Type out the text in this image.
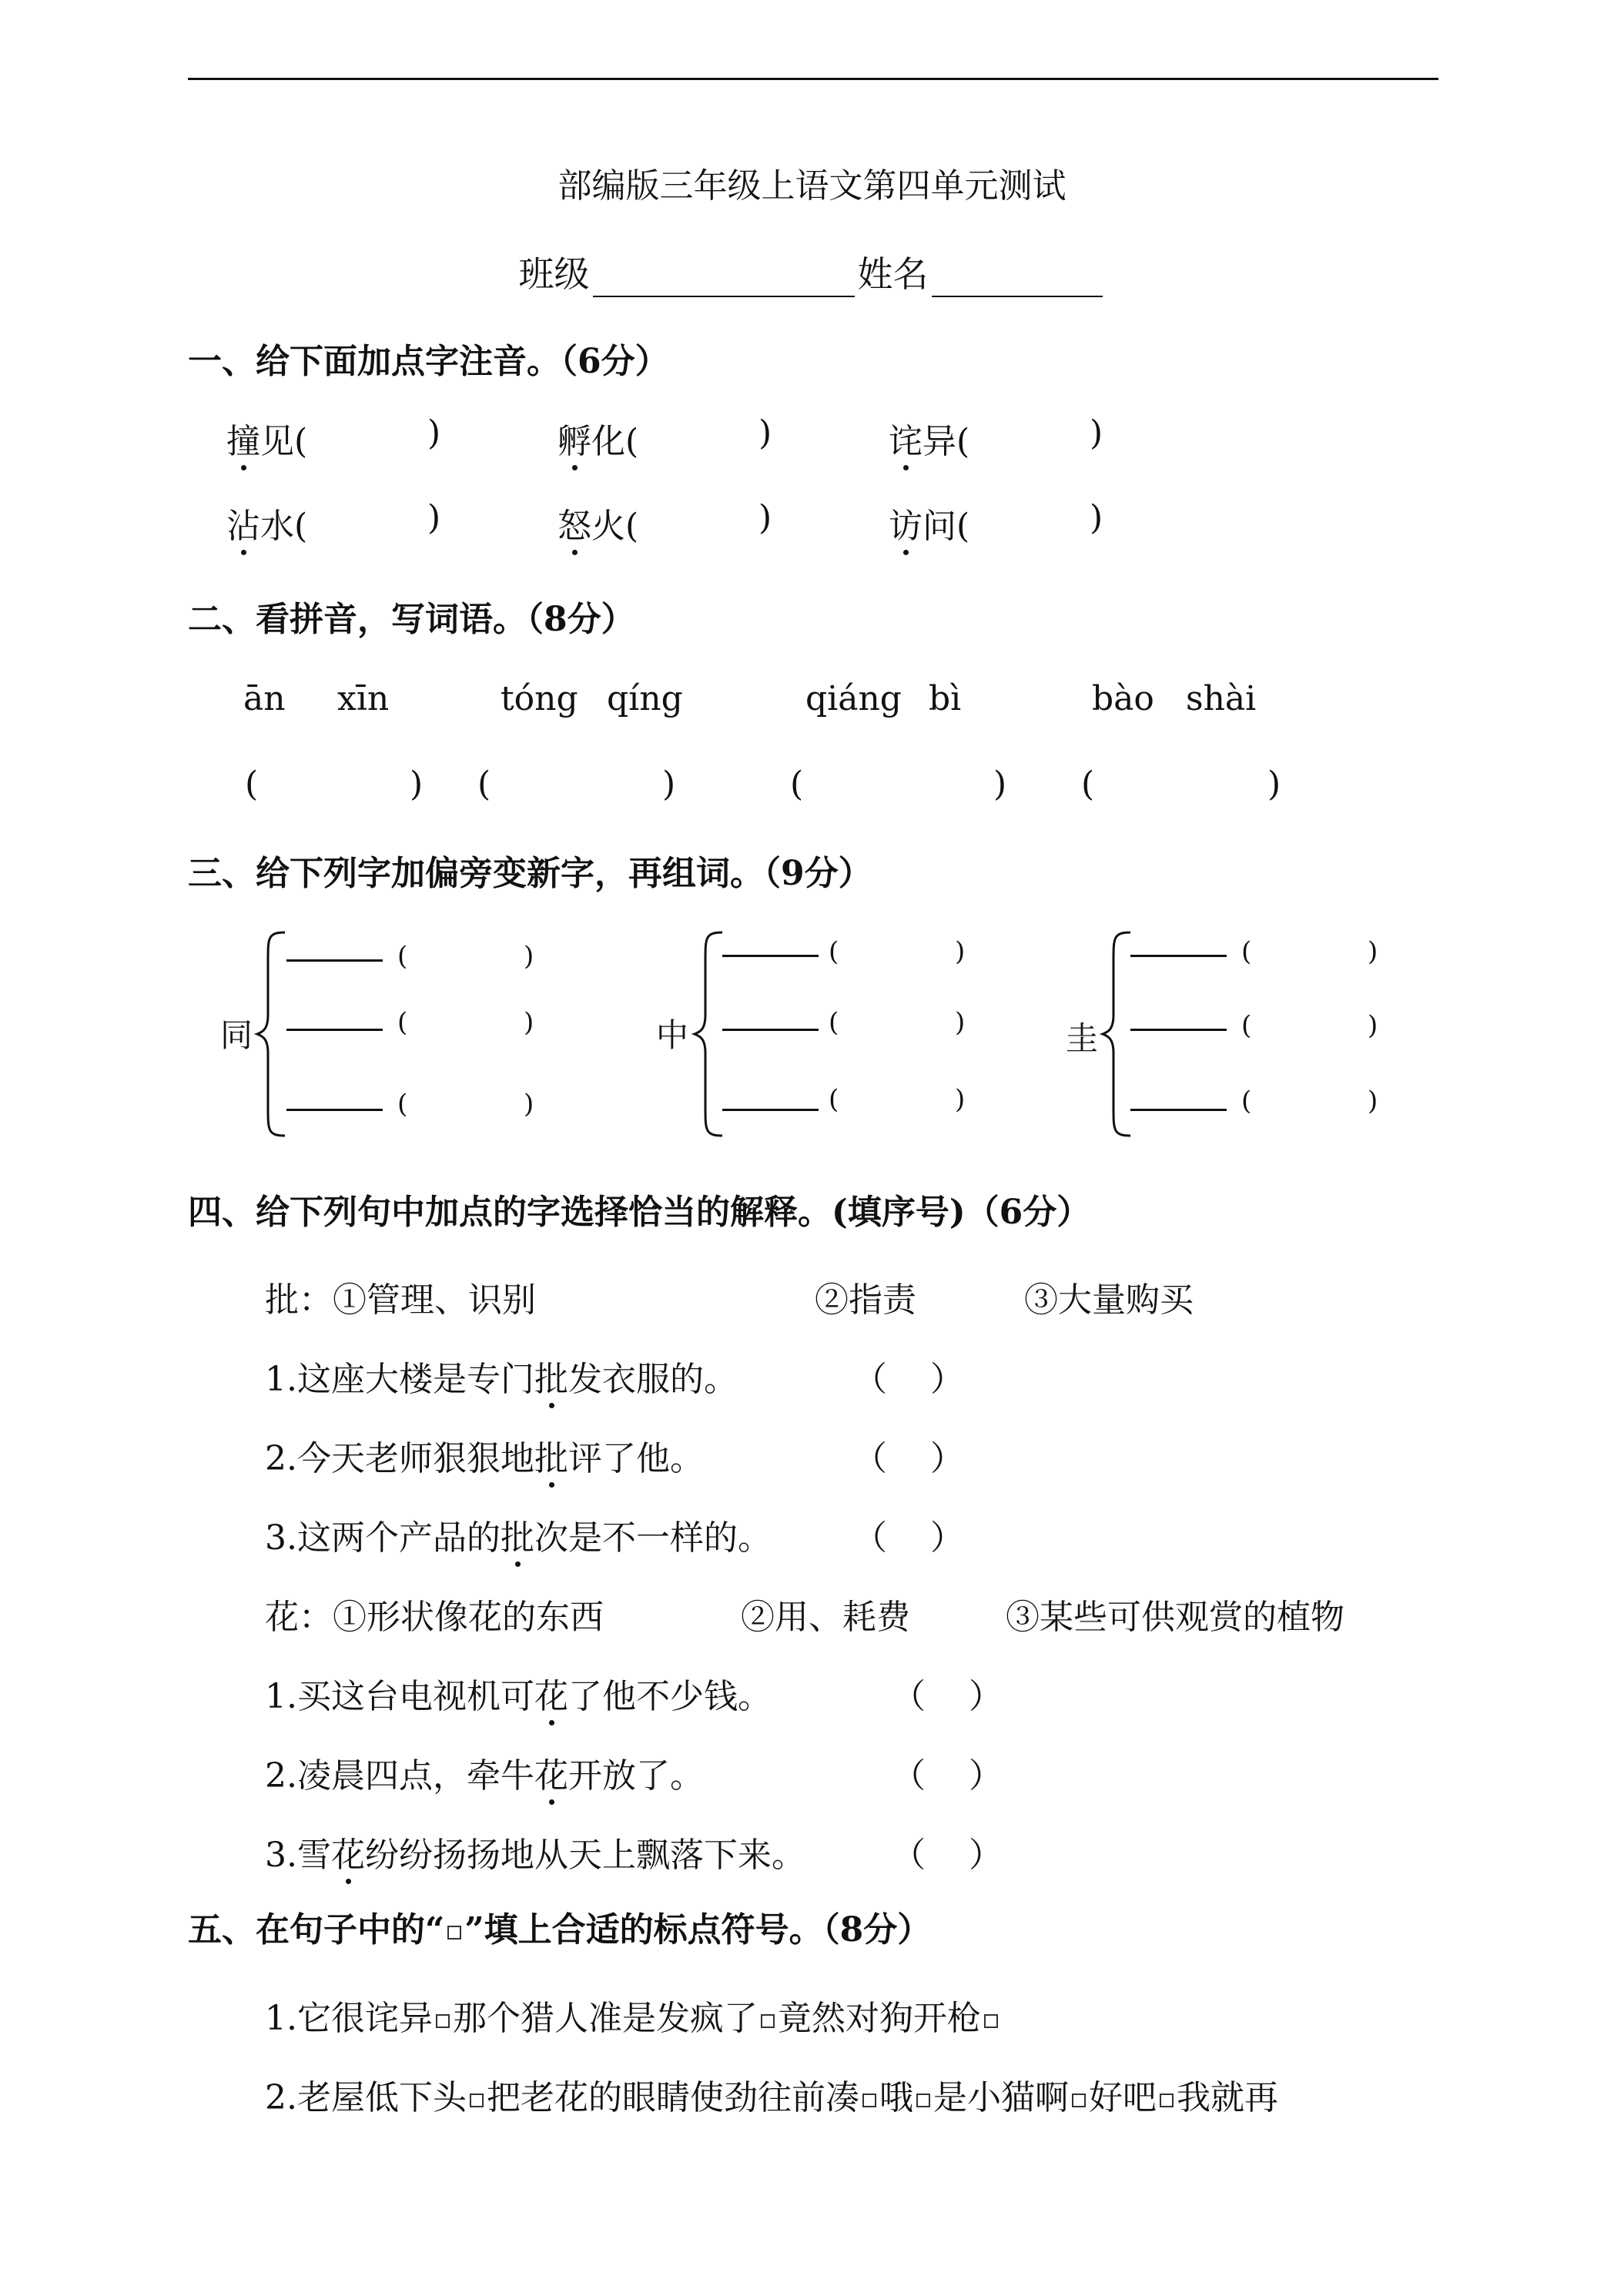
部编版三年级上语文第四单元测试
班级	姓名
一、给下面加点字注音。（6分）
撞见(	)	孵化(	)	诧异(	)
沾水(	)	怒火(	)	访问(	)
二、看拼音，写词语。（8分）
ān xīn	tóng qíng	qiáng bì	bào shài
(	) (	)	(	) (	)
三、给下列字加偏旁变新字，再组词。（9分）
同
(	)
(	)
(	)
中
(	)
(	)
(	)
圭
(	)
(	)
(	)
四、给下列句中加点的字选择恰当的解释。(填序号)（6分）
批：①管理、识别	②指责	③大量购买
1.这座大楼是专门批发衣服的。	（ ）
2.今天老师狠狠地批评了他。	（ ）
3.这两个产品的批次是不一样的。 （ ）
花：①形状像花的东西	②用、耗费	③某些可供观赏的植物
1.买这台电视机可花了他不少钱。	（ ）
2.凌晨四点，牵牛花开放了。	（ ）
3.雪花纷纷扬扬地从天上飘落下来。	（ ）
五、在句子中的“ ”填上合适的标点符号。（8分）
1.它很诧异 那个猎人准是发疯了 竟然对狗开枪
2.老屋低下头 把老花的眼睛使劲往前凑 哦 是小猫啊 好吧 我就再
